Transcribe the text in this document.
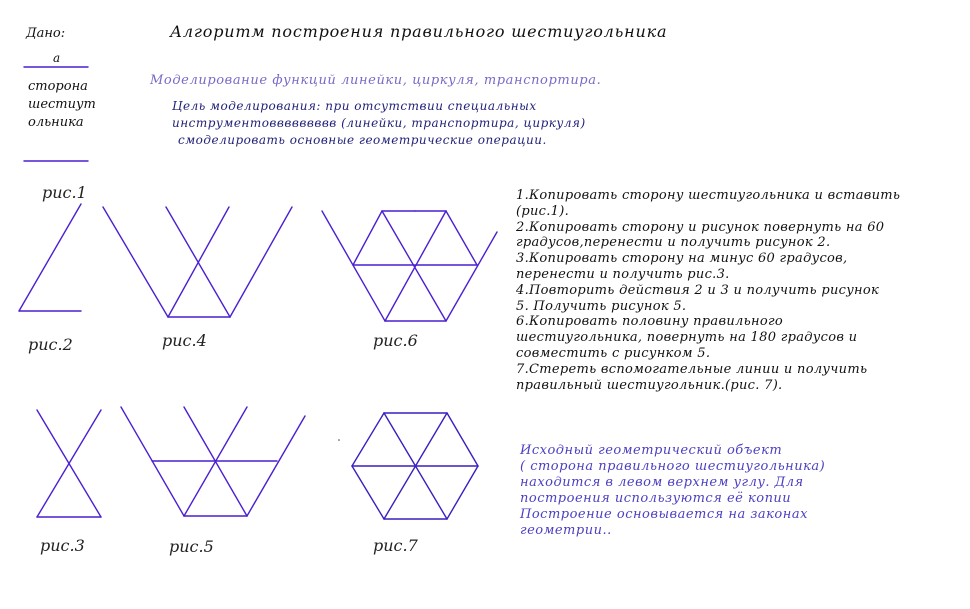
Дано:
a
сторона
шестиут
ольника
Алгоритм построения правильного шестиугольника
Моделирование функций линейки, циркуля, транспортира.
Цель моделирования: при отсутствии специальных
инструментоввввввввв (линейки, транспортира, циркуля)
смоделировать основные геометрические операции.
рис.1
рис.2
рис.3
рис.4
рис.5
рис.6
рис.7
1.Копировать сторону шестиугольника и вставить
(рис.1).
2.Копировать сторону и рисунок повернуть на 60
градусов,перенести и получить рисунок 2.
3.Копировать сторону на минус 60 градусов,
перенести и получить рис.3.
4.Повторить действия 2 и 3 и получить рисунок
5. Получить рисунок 5.
6.Копировать половину правильного
шестиугольника, повернуть на 180 градусов и
совместить с рисунком 5.
7.Стереть вспомогательные линии и получить
правильный шестиугольник.(рис. 7).
Исходный геометрический объект
( сторона правильного шестиугольника)
находится в левом верхнем углу. Для
построения используются её копии
Построение основывается на законах
геометрии..
